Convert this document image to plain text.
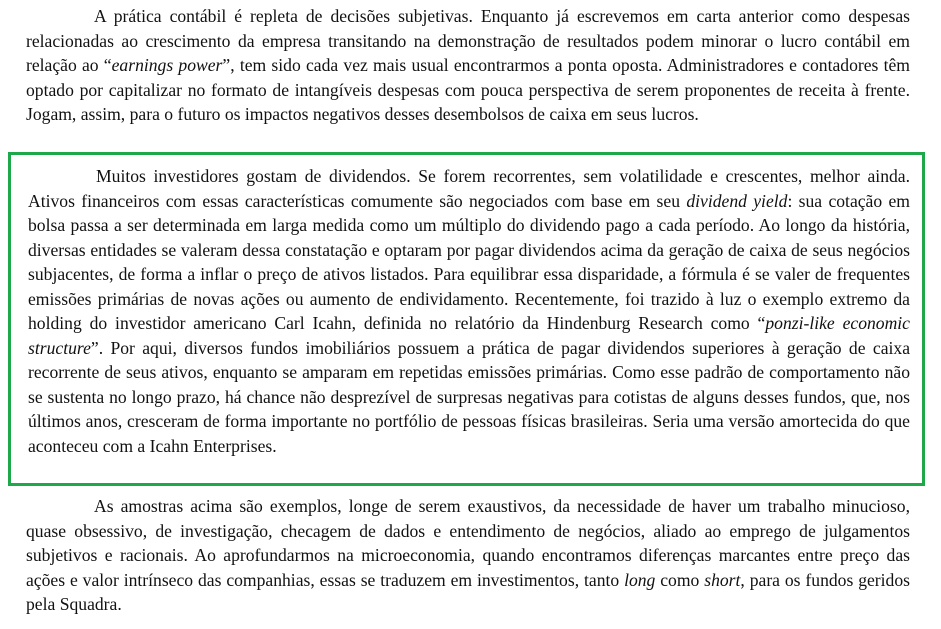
A prática contábil é repleta de decisões subjetivas. Enquanto já escrevemos em carta anterior como despesas relacionadas ao crescimento da empresa transitando na demonstração de resultados podem minorar o lucro contábil em relação ao “earnings power”, tem sido cada vez mais usual encontrarmos a ponta oposta. Administradores e contadores têm optado por capitalizar no formato de intangíveis despesas com pouca perspectiva de serem proponentes de receita à frente. Jogam, assim, para o futuro os impactos negativos desses desembolsos de caixa em seus lucros.

Muitos investidores gostam de dividendos. Se forem recorrentes, sem volatilidade e crescentes, melhor ainda. Ativos financeiros com essas características comumente são negociados com base em seu dividend yield: sua cotação em bolsa passa a ser determinada em larga medida como um múltiplo do dividendo pago a cada período. Ao longo da história, diversas entidades se valeram dessa constatação e optaram por pagar dividendos acima da geração de caixa de seus negócios subjacentes, de forma a inflar o preço de ativos listados. Para equilibrar essa disparidade, a fórmula é se valer de frequentes emissões primárias de novas ações ou aumento de endividamento. Recentemente, foi trazido à luz o exemplo extremo da holding do investidor americano Carl Icahn, definida no relatório da Hindenburg Research como “ponzi-like economic structure”. Por aqui, diversos fundos imobiliários possuem a prática de pagar dividendos superiores à geração de caixa recorrente de seus ativos, enquanto se amparam em repetidas emissões primárias. Como esse padrão de comportamento não se sustenta no longo prazo, há chance não desprezível de surpresas negativas para cotistas de alguns desses fundos, que, nos últimos anos, cresceram de forma importante no portfólio de pessoas físicas brasileiras. Seria uma versão amortecida do que aconteceu com a Icahn Enterprises.

As amostras acima são exemplos, longe de serem exaustivos, da necessidade de haver um trabalho minucioso, quase obsessivo, de investigação, checagem de dados e entendimento de negócios, aliado ao emprego de julgamentos subjetivos e racionais. Ao aprofundarmos na microeconomia, quando encontramos diferenças marcantes entre preço das ações e valor intrínseco das companhias, essas se traduzem em investimentos, tanto long como short, para os fundos geridos pela Squadra.
